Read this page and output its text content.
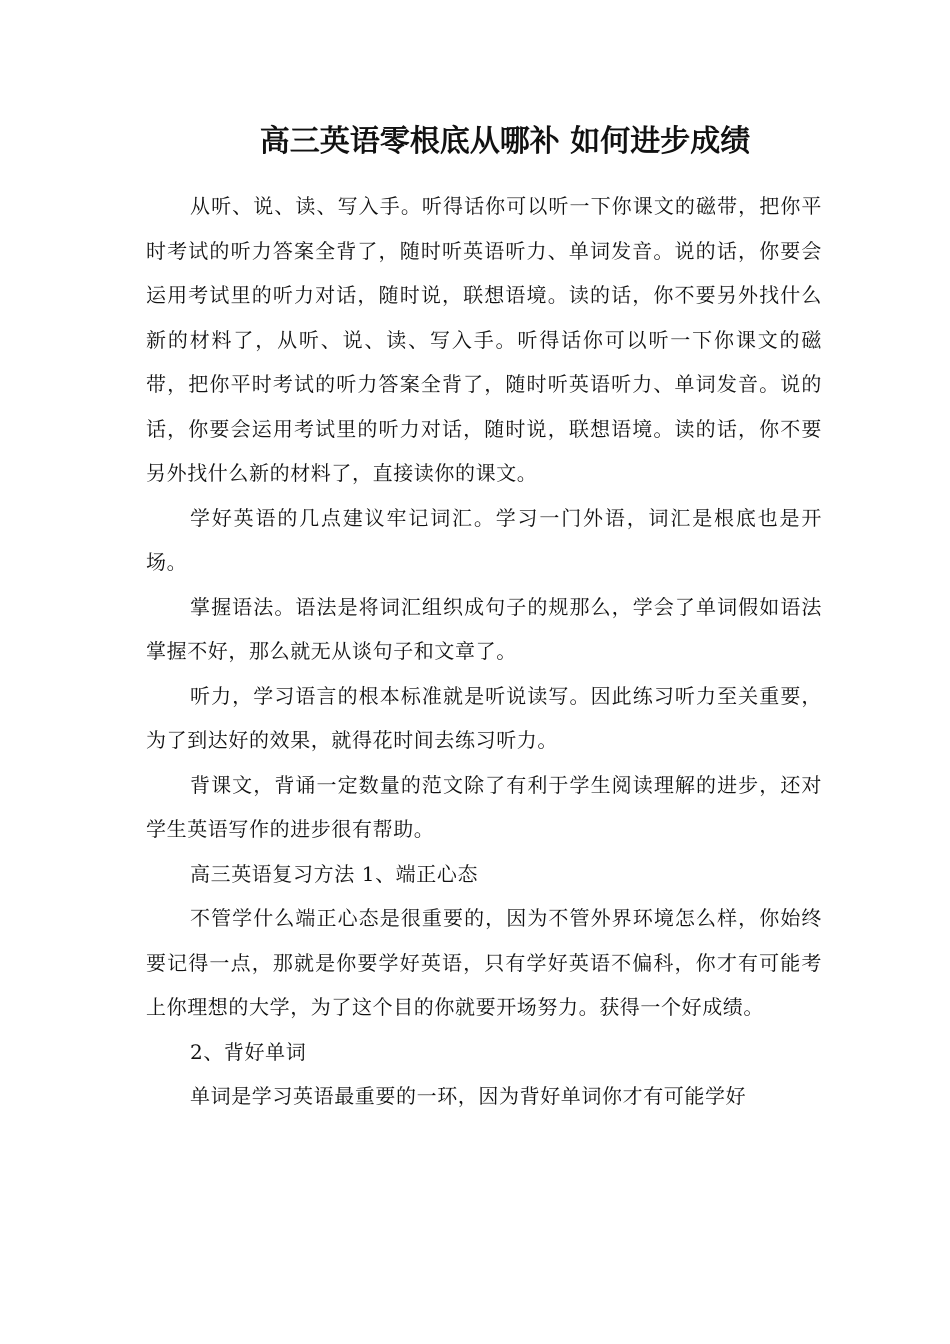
高三英语零根底从哪补 如何进步成绩

从听、说、读、写入手。听得话你可以听一下你课文的磁带，把你平时考试的听力答案全背了，随时听英语听力、单词发音。说的话，你要会运用考试里的听力对话，随时说，联想语境。读的话，你不要另外找什么新的材料了，从听、说、读、写入手。听得话你可以听一下你课文的磁带，把你平时考试的听力答案全背了，随时听英语听力、单词发音。说的话，你要会运用考试里的听力对话，随时说，联想语境。读的话，你不要另外找什么新的材料了，直接读你的课文。

学好英语的几点建议牢记词汇。学习一门外语，词汇是根底也是开场。

掌握语法。语法是将词汇组织成句子的规那么，学会了单词假如语法掌握不好，那么就无从谈句子和文章了。

听力，学习语言的根本标准就是听说读写。因此练习听力至关重要，为了到达好的效果，就得花时间去练习听力。

背课文，背诵一定数量的范文除了有利于学生阅读理解的进步，还对学生英语写作的进步很有帮助。

高三英语复习方法 1、端正心态

不管学什么端正心态是很重要的，因为不管外界环境怎么样，你始终要记得一点，那就是你要学好英语，只有学好英语不偏科，你才有可能考上你理想的大学，为了这个目的你就要开场努力。获得一个好成绩。

2、背好单词

单词是学习英语最重要的一环，因为背好单词你才有可能学好
